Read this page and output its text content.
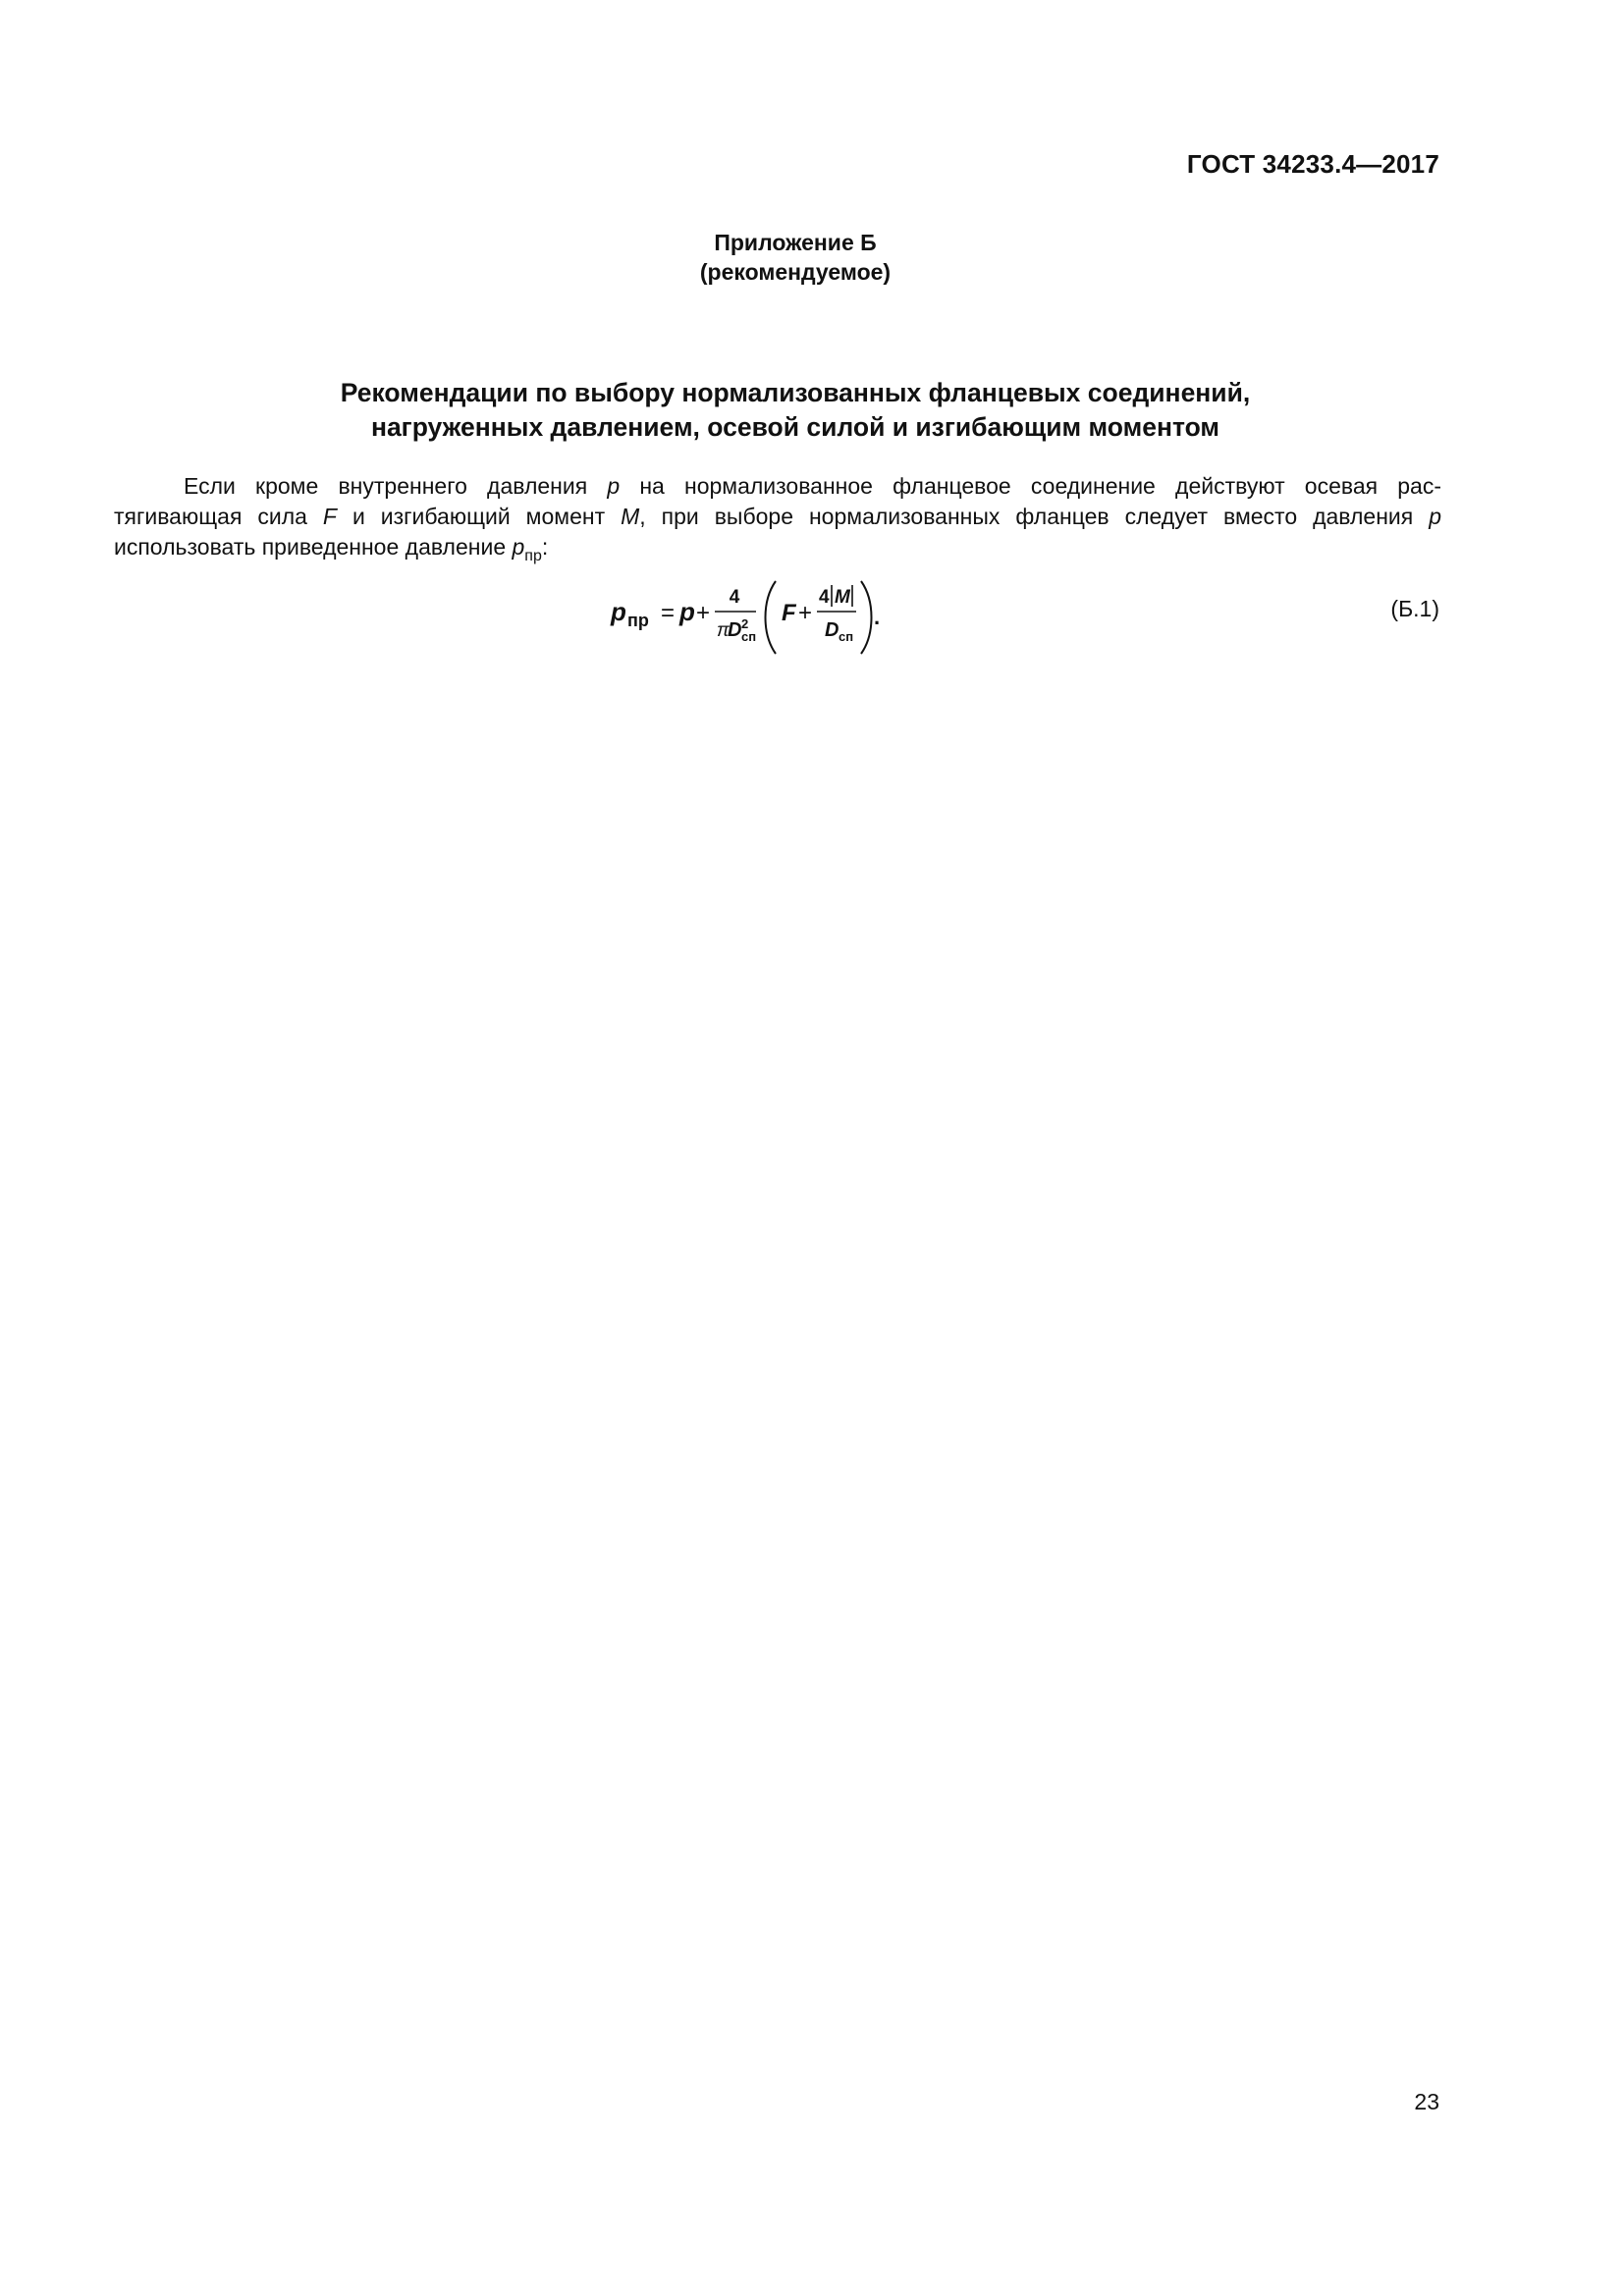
ГОСТ 34233.4—2017
Приложение Б
(рекомендуемое)
Рекомендации по выбору нормализованных фланцевых соединений,
нагруженных давлением, осевой силой и изгибающим моментом
Если кроме внутреннего давления p на нормализованное фланцевое соединение действуют осевая рас-
тягивающая сила F и изгибающий момент M, при выборе нормализованных фланцев следует вместо давления p
использовать приведенное давление $p_{пр}$:
p пр = p +
4
π
D 2
сп
F +
4 M
D сп
.	(Б.1)
23
